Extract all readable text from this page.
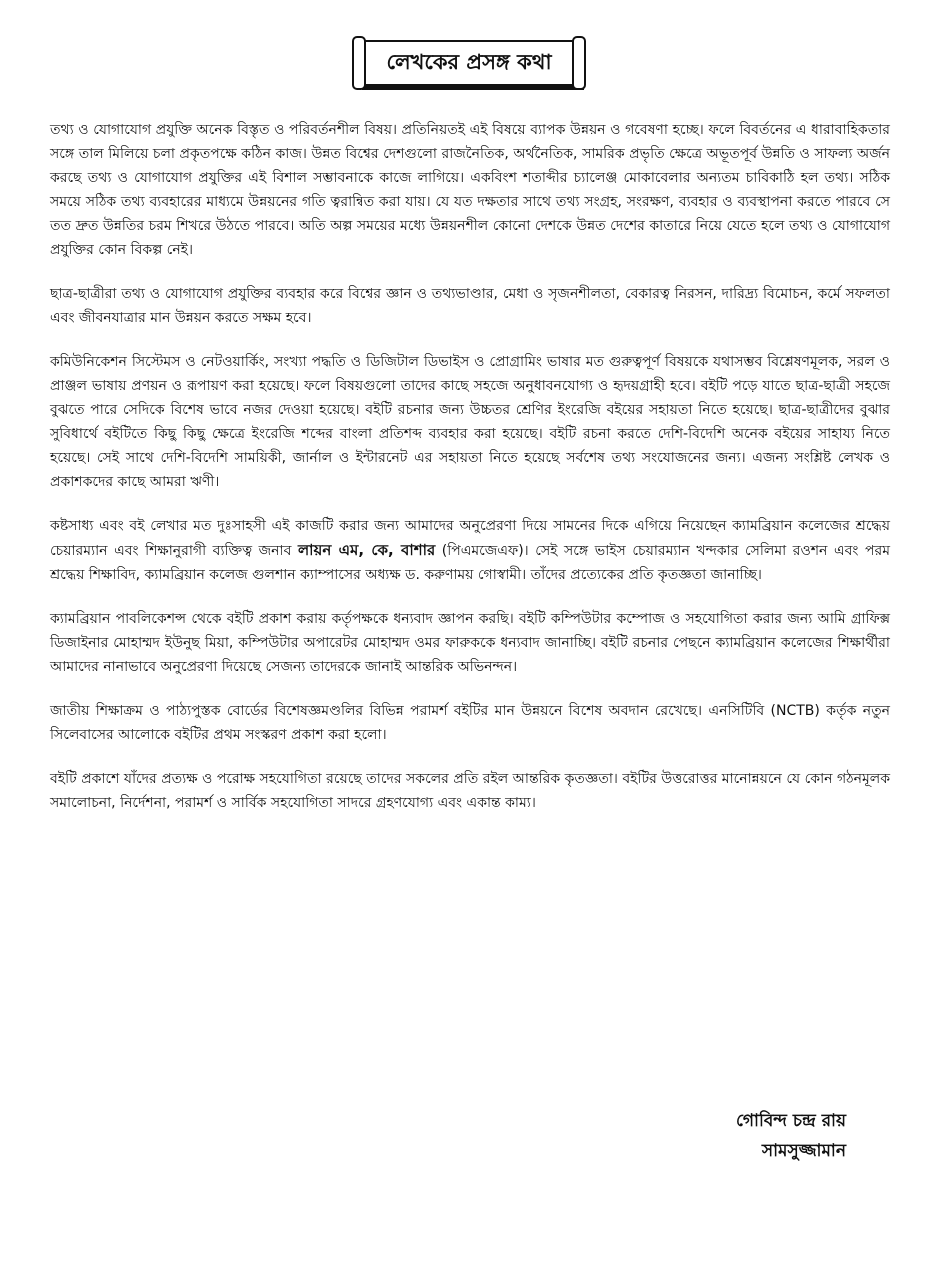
লেখকের প্রসঙ্গ কথা

তথ্য ও যোগাযোগ প্রযুক্তি অনেক বিস্তৃত ও পরিবর্তনশীল বিষয়। প্রতিনিয়তই এই বিষয়ে ব্যাপক উন্নয়ন ও গবেষণা হচ্ছে। ফলে বিবর্তনের এ ধারাবাহিকতার সঙ্গে তাল মিলিয়ে চলা প্রকৃতপক্ষে কঠিন কাজ। উন্নত বিশ্বের দেশগুলো রাজনৈতিক, অর্থনৈতিক, সামরিক প্রভৃতি ক্ষেত্রে অভূতপূর্ব উন্নতি ও সাফল্য অর্জন করছে তথ্য ও যোগাযোগ প্রযুক্তির এই বিশাল সম্ভাবনাকে কাজে লাগিয়ে। একবিংশ শতাব্দীর চ্যালেঞ্জ মোকাবেলার অন্যতম চাবিকাঠি হল তথ্য। সঠিক সময়ে সঠিক তথ্য ব্যবহারের মাধ্যমে উন্নয়নের গতি ত্বরান্বিত করা যায়। যে যত দক্ষতার সাথে তথ্য সংগ্রহ, সংরক্ষণ, ব্যবহার ও ব্যবস্থাপনা করতে পারবে সে তত দ্রুত উন্নতির চরম শিখরে উঠতে পারবে। অতি অল্প সময়ের মধ্যে উন্নয়নশীল কোনো দেশকে উন্নত দেশের কাতারে নিয়ে যেতে হলে তথ্য ও যোগাযোগ প্রযুক্তির কোন বিকল্প নেই।

ছাত্র-ছাত্রীরা তথ্য ও যোগাযোগ প্রযুক্তির ব্যবহার করে বিশ্বের জ্ঞান ও তথ্যভাণ্ডার, মেধা ও সৃজনশীলতা, বেকারত্ব নিরসন, দারিদ্র্য বিমোচন, কর্মে সফলতা এবং জীবনযাত্রার মান উন্নয়ন করতে সক্ষম হবে।

কমিউনিকেশন সিস্টেমস ও নেটওয়ার্কিং, সংখ্যা পদ্ধতি ও ডিজিটাল ডিভাইস ও প্রোগ্রামিং ভাষার মত গুরুত্বপূর্ণ বিষয়কে যথাসম্ভব বিশ্লেষণমূলক, সরল ও প্রাঞ্জল ভাষায় প্রণয়ন ও রূপায়ণ করা হয়েছে। ফলে বিষয়গুলো তাদের কাছে সহজে অনুধাবনযোগ্য ও হৃদয়গ্রাহী হবে। বইটি পড়ে যাতে ছাত্র-ছাত্রী সহজে বুঝতে পারে সেদিকে বিশেষ ভাবে নজর দেওয়া হয়েছে। বইটি রচনার জন্য উচ্চতর শ্রেণির ইংরেজি বইয়ের সহায়তা নিতে হয়েছে। ছাত্র-ছাত্রীদের বুঝার সুবিধার্থে বইটিতে কিছু কিছু ক্ষেত্রে ইংরেজি শব্দের বাংলা প্রতিশব্দ ব্যবহার করা হয়েছে। বইটি রচনা করতে দেশি-বিদেশি অনেক বইয়ের সাহায্য নিতে হয়েছে। সেই সাথে দেশি-বিদেশি সাময়িকী, জার্নাল ও ইন্টারনেট এর সহায়তা নিতে হয়েছে সর্বশেষ তথ্য সংযোজনের জন্য। এজন্য সংশ্লিষ্ট লেখক ও প্রকাশকদের কাছে আমরা ঋণী।

কষ্টসাধ্য এবং বই লেখার মত দুঃসাহসী এই কাজটি করার জন্য আমাদের অনুপ্রেরণা দিয়ে সামনের দিকে এগিয়ে নিয়েছেন ক্যামব্রিয়ান কলেজের শ্রদ্ধেয় চেয়ারম্যান এবং শিক্ষানুরাগী ব্যক্তিত্ব জনাব লায়ন এম, কে, বাশার (পিএমজেএফ)। সেই সঙ্গে ভাইস চেয়ারম্যান খন্দকার সেলিমা রওশন এবং পরম শ্রদ্ধেয় শিক্ষাবিদ, ক্যামব্রিয়ান কলেজ গুলশান ক্যাম্পাসের অধ্যক্ষ ড. করুণাময় গোস্বামী। তাঁদের প্রত্যেকের প্রতি কৃতজ্ঞতা জানাচ্ছি।

ক্যামব্রিয়ান পাবলিকেশন্স থেকে বইটি প্রকাশ করায় কর্তৃপক্ষকে ধন্যবাদ জ্ঞাপন করছি। বইটি কম্পিউটার কম্পোজ ও সহযোগিতা করার জন্য আমি গ্রাফিক্স ডিজাইনার মোহাম্মদ ইউনুছ মিয়া, কম্পিউটার অপারেটর মোহাম্মদ ওমর ফারুককে ধন্যবাদ জানাচ্ছি। বইটি রচনার পেছনে ক্যামব্রিয়ান কলেজের শিক্ষার্থীরা আমাদের নানাভাবে অনুপ্রেরণা দিয়েছে সেজন্য তাদেরকে জানাই আন্তরিক অভিনন্দন।

জাতীয় শিক্ষাক্রম ও পাঠ্যপুস্তক বোর্ডের বিশেষজ্ঞমণ্ডলির বিভিন্ন পরামর্শ বইটির মান উন্নয়নে বিশেষ অবদান রেখেছে। এনসিটিবি (NCTB) কর্তৃক নতুন সিলেবাসের আলোকে বইটির প্রথম সংস্করণ প্রকাশ করা হলো।

বইটি প্রকাশে যাঁদের প্রত্যক্ষ ও পরোক্ষ সহযোগিতা রয়েছে তাদের সকলের প্রতি রইল আন্তরিক কৃতজ্ঞতা। বইটির উত্তরোত্তর মানোন্নয়নে যে কোন গঠনমূলক সমালোচনা, নির্দেশনা, পরামর্শ ও সার্বিক সহযোগিতা সাদরে গ্রহণযোগ্য এবং একান্ত কাম্য।

গোবিন্দ চন্দ্র রায়
সামসুজ্জামান
